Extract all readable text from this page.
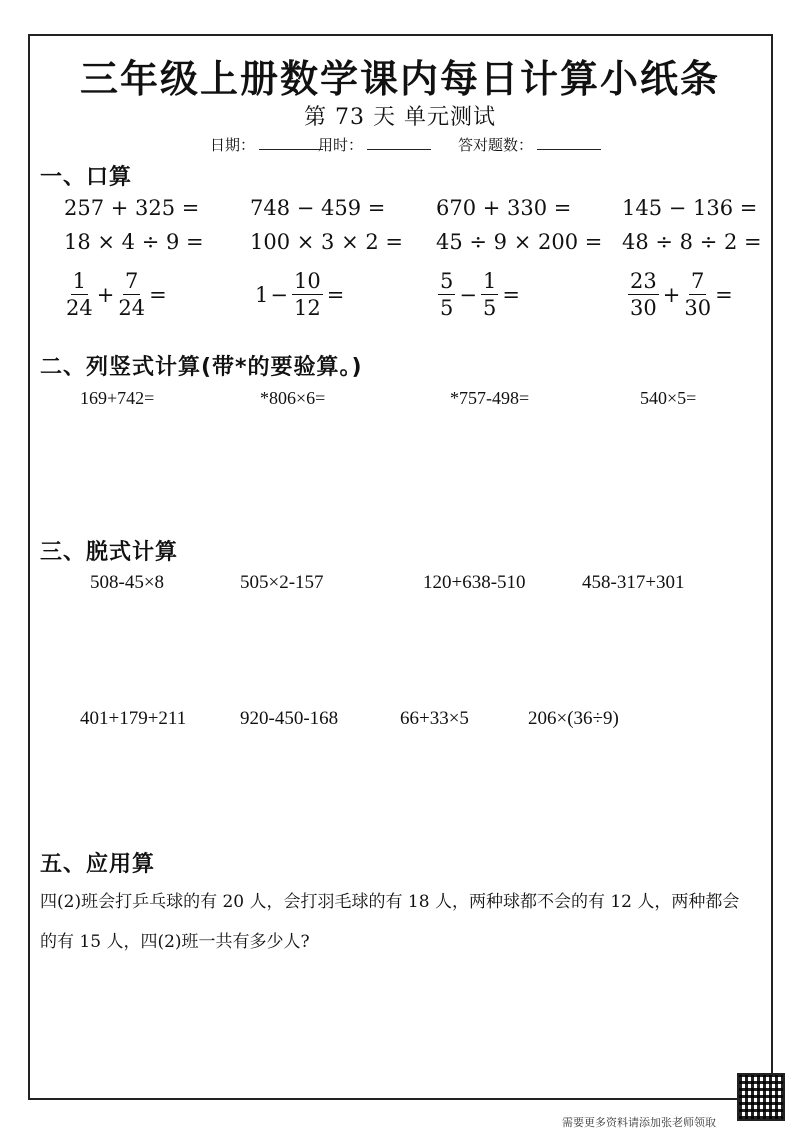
三年级上册数学课内每日计算小纸条
第 73 天 单元测试
日期：	用时：	答对题数：
一、口算
257 + 325 = 748 − 459 = 670 + 330 = 145 − 136 =
18 × 4 ÷ 9 = 100 × 3 × 2 = 45 ÷ 9 × 200 = 48 ÷ 8 ÷ 2 =
$\frac{1}{24} + \frac{7}{24}$ =	$1 - \frac{10}{12}$ =	$\frac{5}{5} - \frac{1}{5}$ =	$\frac{23}{30} + \frac{7}{30}$ =
二、列竖式计算(带*的要验算。)
169+742=	*806×6=	*757-498=	540×5=
三、脱式计算
508-45×8	505×2-157	120+638-510	458-317+301
401+179+211	920-450-168	66+33×5	206×(36÷9)
五、应用算
四(2)班会打乒乓球的有 20 人，会打羽毛球的有 18 人，两种球都不会的有 12 人，两种都会的有 15 人，四(2)班一共有多少人?
需要更多资料请添加张老师领取
